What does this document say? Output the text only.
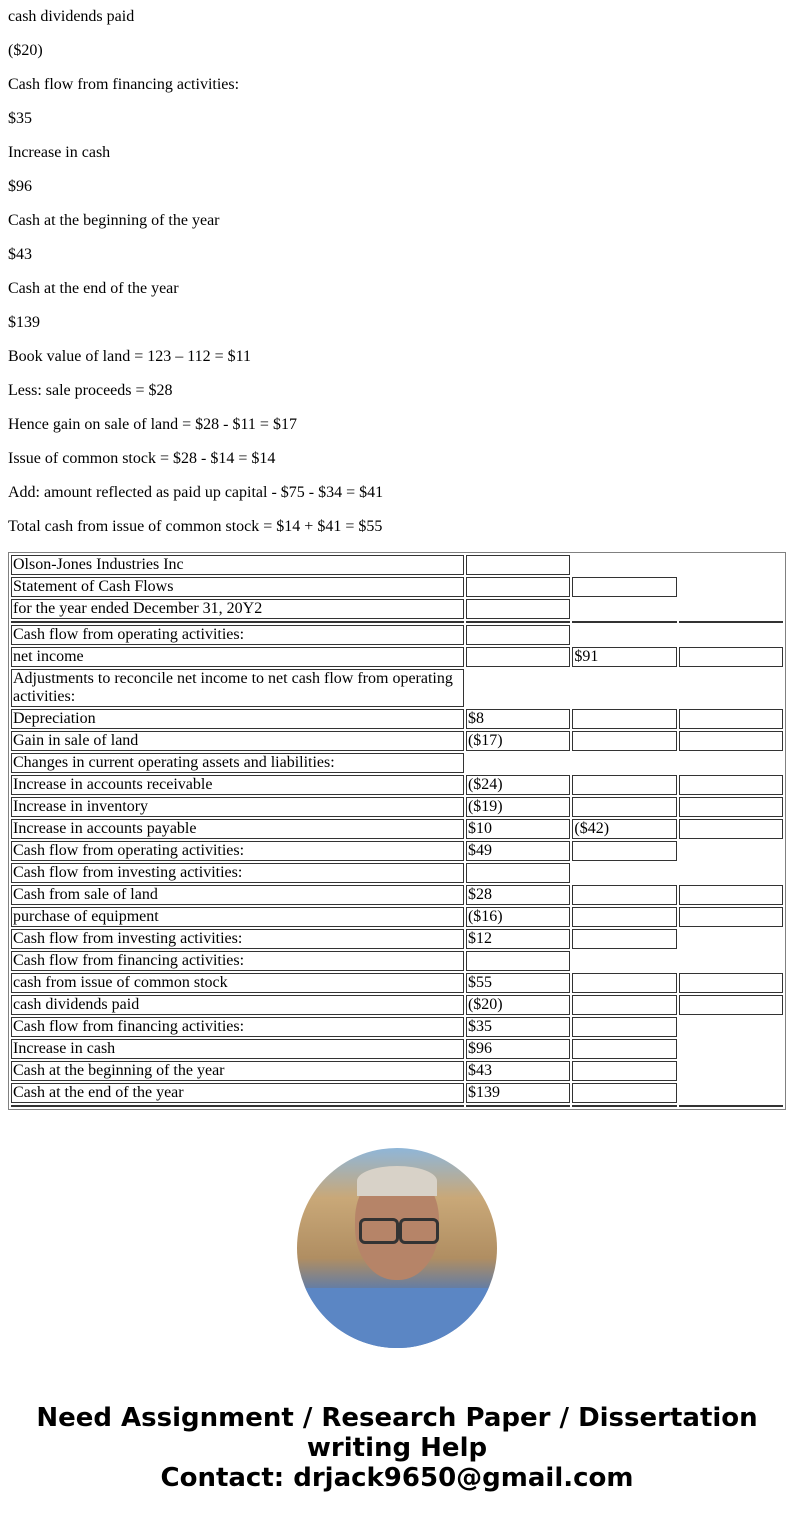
cash dividends paid

($20)

Cash flow from financing activities:

$35

Increase in cash

$96

Cash at the beginning of the year

$43

Cash at the end of the year

$139

Book value of land = 123 – 112 = $11

Less: sale proceeds = $28

Hence gain on sale of land = $28 - $11 = $17

Issue of common stock = $28 - $14 = $14

Add: amount reflected as paid up capital - $75 - $34 = $41

Total cash from issue of common stock = $14 + $41 = $55

Olson-Jones Industries Inc			
Statement of Cash Flows			
for the year ended December 31, 20Y2			

Cash flow from operating activities:			
net income		$91	
Adjustments to reconcile net income to net cash flow from operating activities:			
Depreciation	$8		
Gain in sale of land	($17)		
Changes in current operating assets and liabilities:			
Increase in accounts receivable	($24)		
Increase in inventory	($19)		
Increase in accounts payable	$10	($42)	
Cash flow from operating activities:	$49		
Cash flow from investing activities:			
Cash from sale of land	$28		
purchase of equipment	($16)		
Cash flow from investing activities:	$12		
Cash flow from financing activities:			
cash from issue of common stock	$55		
cash dividends paid	($20)		
Cash flow from financing activities:	$35		
Increase in cash	$96		
Cash at the beginning of the year	$43		
Cash at the end of the year	$139		

Need Assignment / Research Paper / Dissertation writing Help
Contact: drjack9650@gmail.com
